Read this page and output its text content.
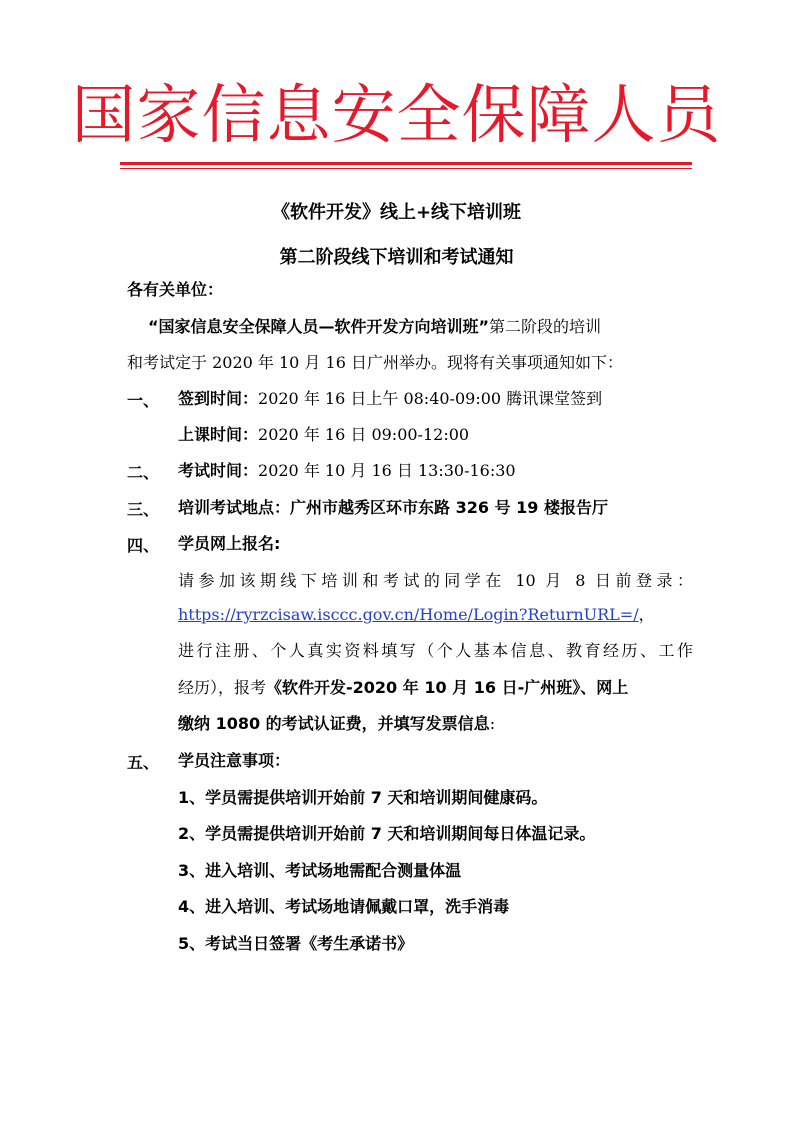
国家信息安全保障人员
《软件开发》线上+线下培训班
第二阶段线下培训和考试通知
各有关单位：
“国家信息安全保障人员—软件开发方向培训班”第二阶段的培训
和考试定于 2020 年 10 月 16 日广州举办。现将有关事项通知如下：
一、 签到时间：2020 年 16 日上午 08:40-09:00 腾讯课堂签到
上课时间：2020 年 16 日 09:00-12:00
二、 考试时间：2020 年 10 月 16 日 13:30-16:30
三、 培训考试地点：广州市越秀区环市东路 326 号 19 楼报告厅
四、 学员网上报名:
请参加该期线下培训和考试的同学在 10 月 8 日前登录：
https://ryrzcisaw.isccc.gov.cn/Home/Login?ReturnURL=/，
进行注册、个人真实资料填写（个人基本信息、教育经历、工作
经历），报考《软件开发-2020 年 10 月 16 日-广州班》、网上
缴纳 1080 的考试认证费，并填写发票信息:
五、 学员注意事项：
1、学员需提供培训开始前 7 天和培训期间健康码。
2、学员需提供培训开始前 7 天和培训期间每日体温记录。
3、进入培训、考试场地需配合测量体温
4、进入培训、考试场地请佩戴口罩，洗手消毒
5、考试当日签署《考生承诺书》
